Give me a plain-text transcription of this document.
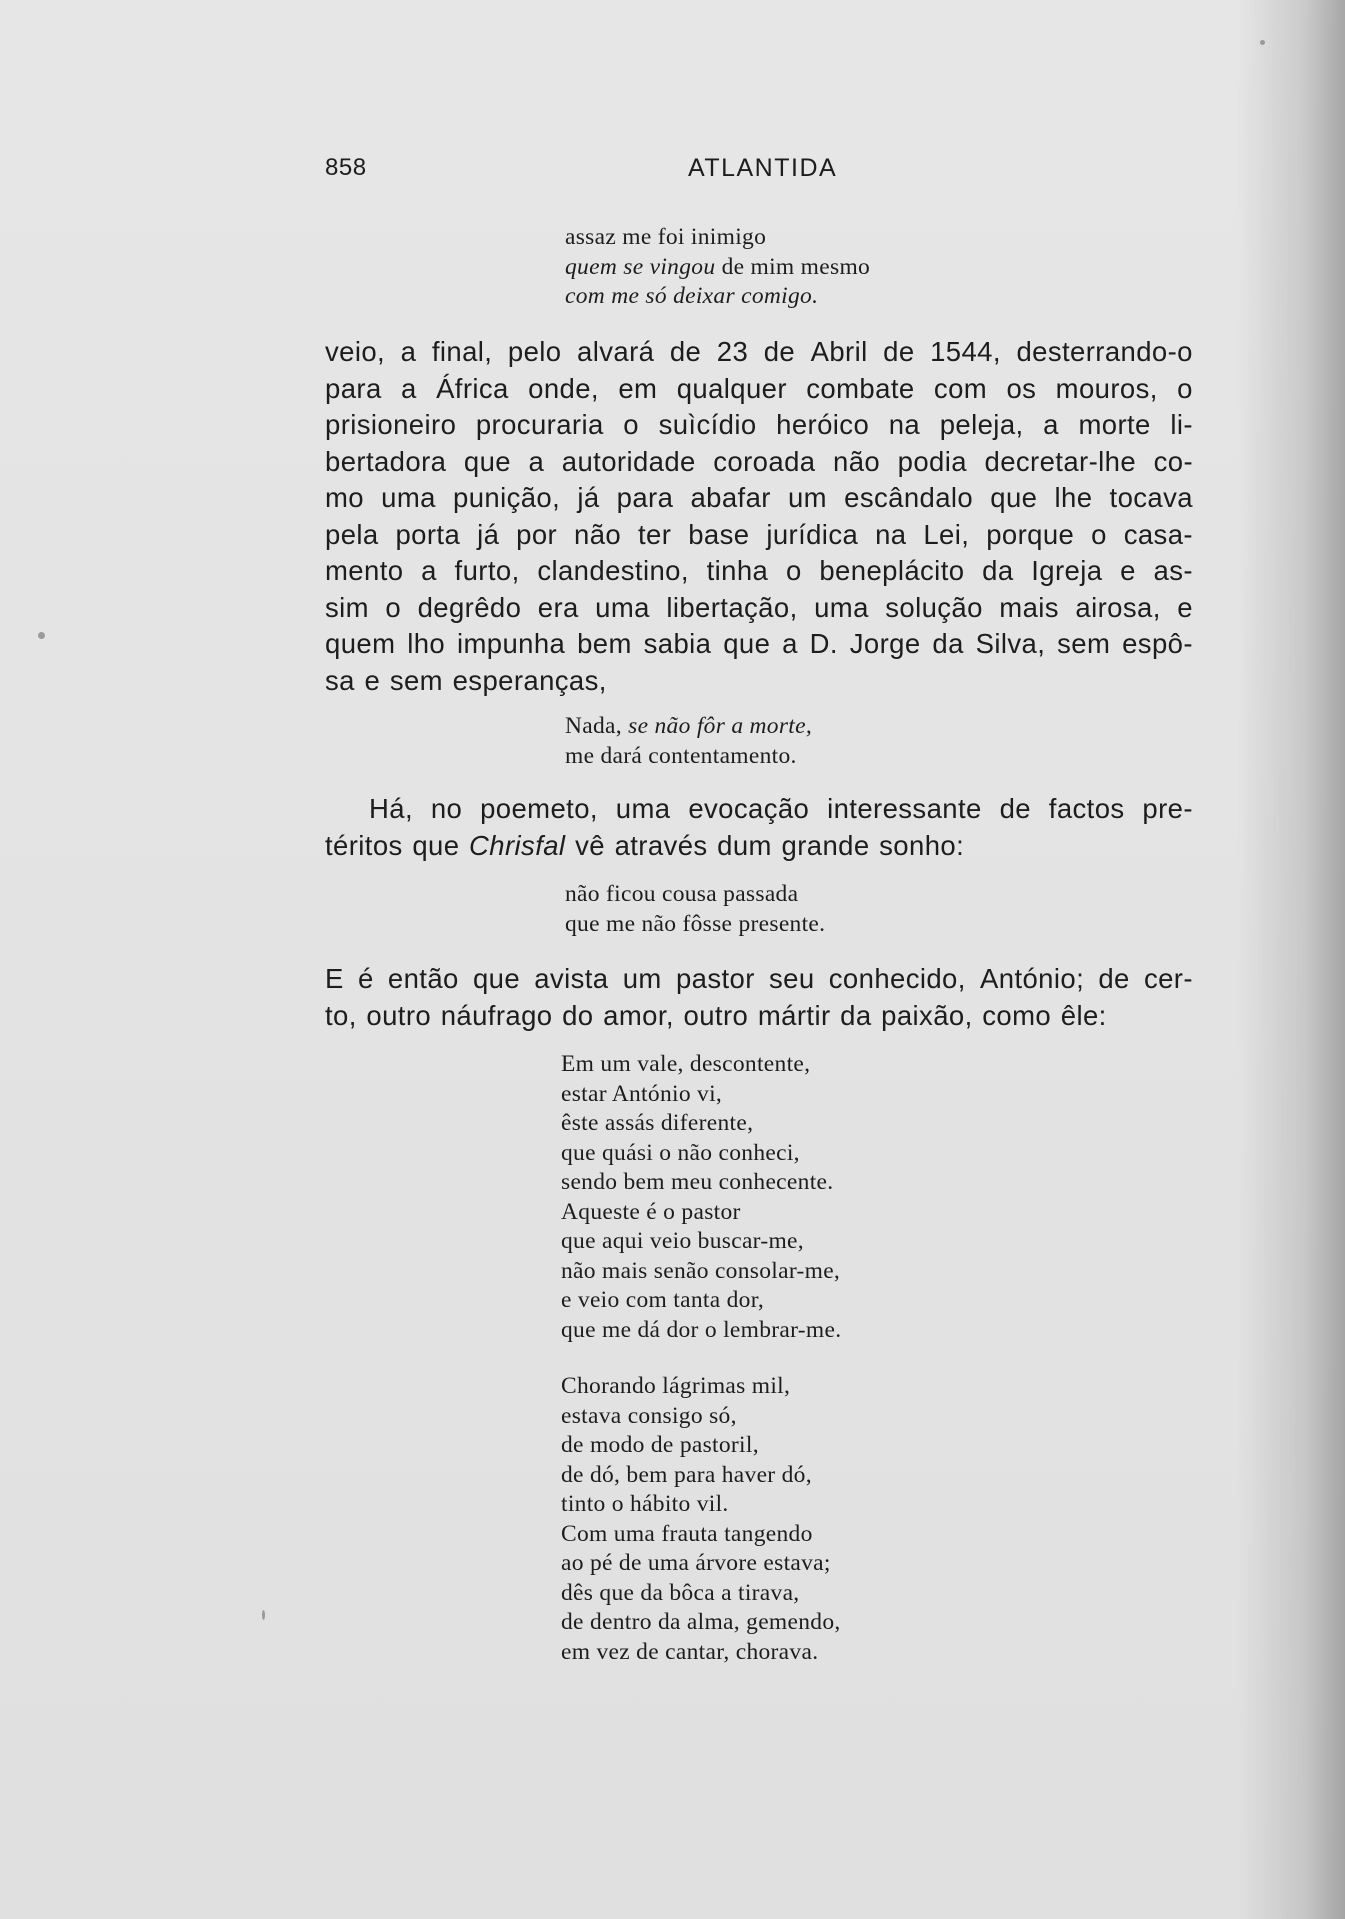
858	ATLANTIDA
assaz me foi inimigo
quem se vingou de mim mesmo
com me só deixar comigo.
veio, a final, pelo alvará de 23 de Abril de 1544, desterrando-o
para a África onde, em qualquer combate com os mouros, o
prisioneiro procuraria o suìcídio heróico na peleja, a morte li-
bertadora que a autoridade coroada não podia decretar-lhe co-
mo uma punição, já para abafar um escândalo que lhe tocava
pela porta já por não ter base jurídica na Lei, porque o casa-
mento a furto, clandestino, tinha o beneplácito da Igreja e as-
sim o degrêdo era uma libertação, uma solução mais airosa, e
quem lho impunha bem sabia que a D. Jorge da Silva, sem espô-
sa e sem esperanças,
Nada, se não fôr a morte,
me dará contentamento.
Há, no poemeto, uma evocação interessante de factos pre-
téritos que Chrisfal vê através dum grande sonho:
não ficou cousa passada
que me não fôsse presente.
E é então que avista um pastor seu conhecido, António; de cer-
to, outro náufrago do amor, outro mártir da paixão, como êle:
Em um vale, descontente,
estar António vi,
êste assás diferente,
que quási o não conheci,
sendo bem meu conhecente.
Aqueste é o pastor
que aqui veio buscar-me,
não mais senão consolar-me,
e veio com tanta dor,
que me dá dor o lembrar-me.
Chorando lágrimas mil,
estava consigo só,
de modo de pastoril,
de dó, bem para haver dó,
tinto o hábito vil.
Com uma frauta tangendo
ao pé de uma árvore estava;
dês que da bôca a tirava,
de dentro da alma, gemendo,
em vez de cantar, chorava.
